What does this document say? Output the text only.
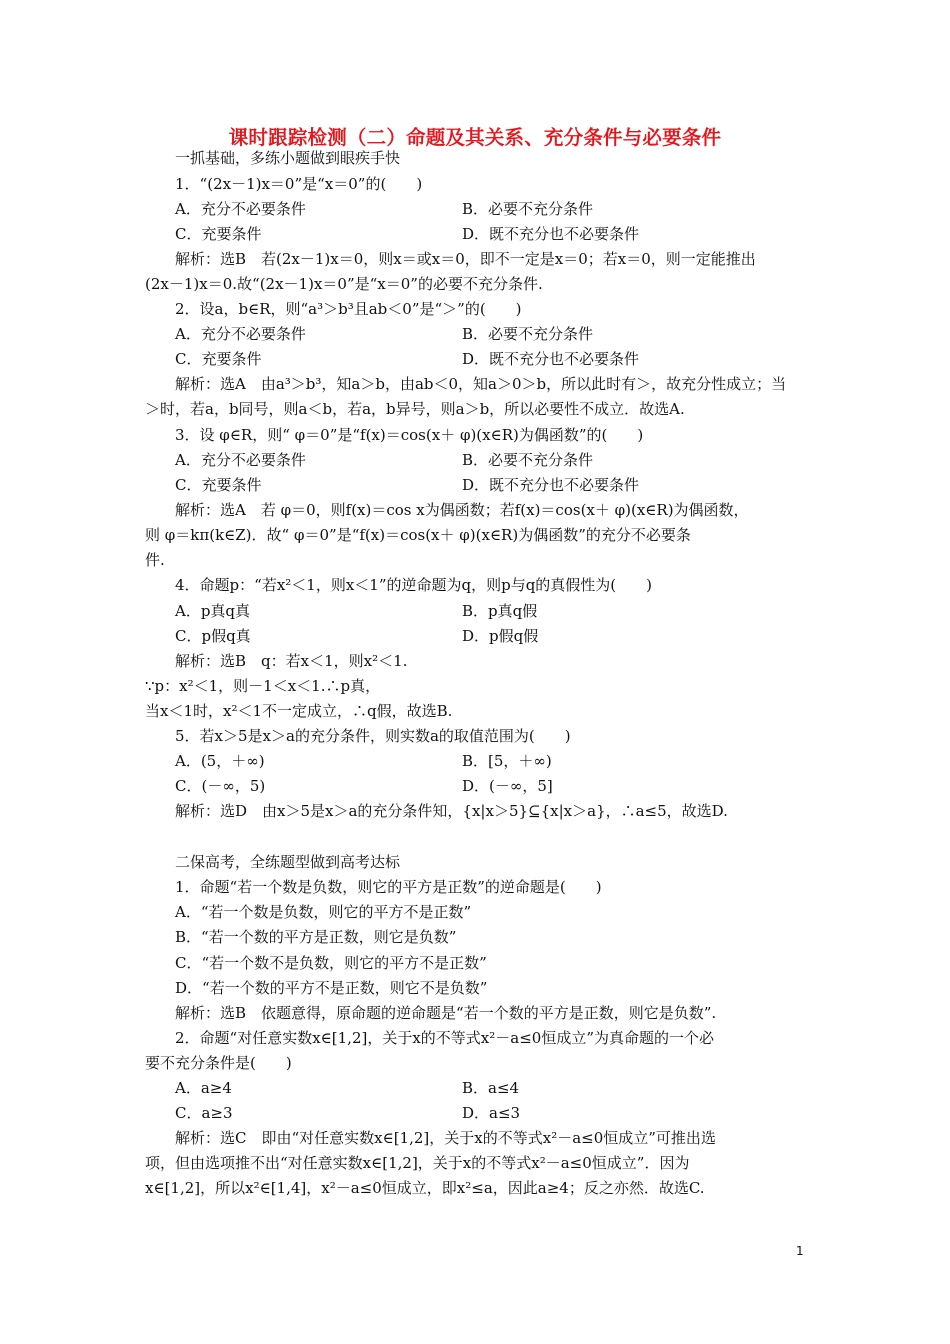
课时跟踪检测（二）命题及其关系、充分条件与必要条件
一抓基础，多练小题做到眼疾手快
1．“(2x－1)x＝0”是“x＝0”的(　　)
A．充分不必要条件	B．必要不充分条件
C．充要条件	D．既不充分也不必要条件
解析：选B　若(2x－1)x＝0，则x＝或x＝0，即不一定是x＝0；若x＝0，则一定能推出
(2x－1)x＝0.故“(2x－1)x＝0”是“x＝0”的必要不充分条件.
2．设a，b∈R，则“a³＞b³且ab＜0”是“＞”的(　　)
A．充分不必要条件	B．必要不充分条件
C．充要条件	D．既不充分也不必要条件
解析：选A　由a³＞b³，知a＞b，由ab＜0，知a＞0＞b，所以此时有＞，故充分性成立；当
＞时，若a，b同号，则a＜b，若a，b异号，则a＞b，所以必要性不成立．故选A.
3．设 φ∈R，则“ φ＝0”是“f(x)＝cos(x＋ φ)(x∈R)为偶函数”的(　　)
A．充分不必要条件	B．必要不充分条件
C．充要条件	D．既不充分也不必要条件
解析：选A　若 φ＝0，则f(x)＝cos x为偶函数；若f(x)＝cos(x＋ φ)(x∈R)为偶函数，
则 φ＝kπ(k∈Z)．故“ φ＝0”是“f(x)＝cos(x＋ φ)(x∈R)为偶函数”的充分不必要条
件.
4．命题p：“若x²＜1，则x＜1”的逆命题为q，则p与q的真假性为(　　)
A．p真q真	B．p真q假
C．p假q真	D．p假q假
解析：选B　q：若x＜1，则x²＜1.
∵p：x²＜1，则－1＜x＜1.∴p真，
当x＜1时，x²＜1不一定成立，∴q假，故选B.
5．若x＞5是x＞a的充分条件，则实数a的取值范围为(　　)
A．(5，＋∞)	B．[5，＋∞)
C．(－∞，5)	D．(－∞，5]
解析：选D　由x＞5是x＞a的充分条件知，{x|x＞5}⊆{x|x＞a}，∴a≤5，故选D.
二保高考，全练题型做到高考达标
1．命题“若一个数是负数，则它的平方是正数”的逆命题是(　　)
A．“若一个数是负数，则它的平方不是正数”
B．“若一个数的平方是正数，则它是负数”
C．“若一个数不是负数，则它的平方不是正数”
D．“若一个数的平方不是正数，则它不是负数”
解析：选B　依题意得，原命题的逆命题是“若一个数的平方是正数，则它是负数”.
2．命题“对任意实数x∈[1,2]，关于x的不等式x²－a≤0恒成立”为真命题的一个必
要不充分条件是(　　)
A．a≥4	B．a≤4
C．a≥3	D．a≤3
解析：选C　即由“对任意实数x∈[1,2]，关于x的不等式x²－a≤0恒成立”可推出选
项，但由选项推不出“对任意实数x∈[1,2]，关于x的不等式x²－a≤0恒成立”．因为
x∈[1,2]，所以x²∈[1,4]，x²－a≤0恒成立，即x²≤a，因此a≥4；反之亦然．故选C.
1
